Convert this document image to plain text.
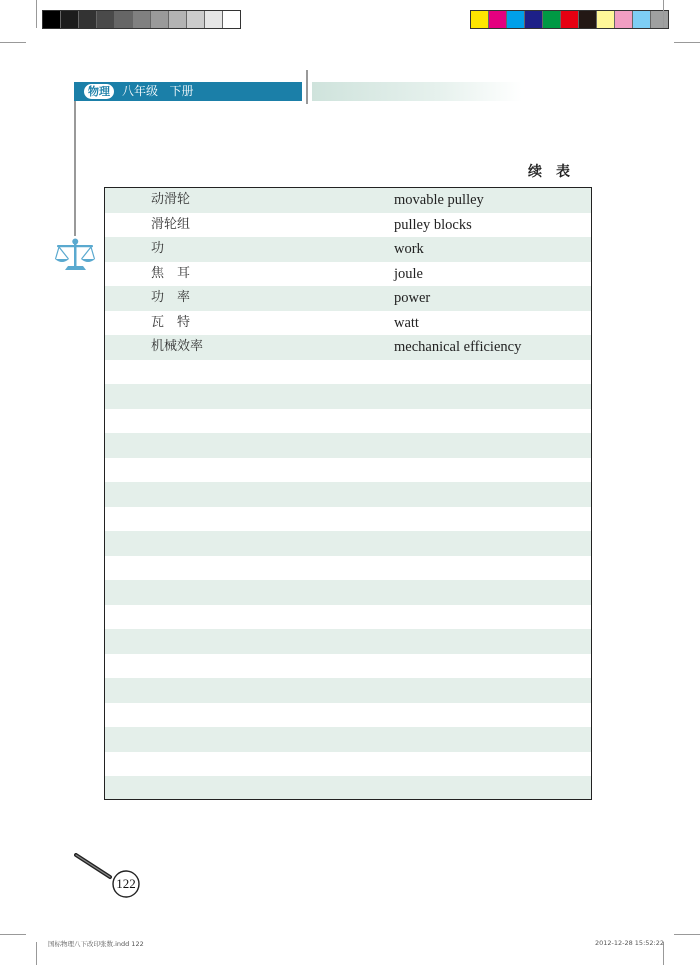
物理	八年级   下册
续　表
动滑轮	movable pulley
滑轮组	pulley blocks
功	work
焦　耳	joule
功　率	power
瓦　特	watt
机械效率	mechanical efficiency
122
国标物理八下改印张数.indd 122	2012-12-28 15:52:22
